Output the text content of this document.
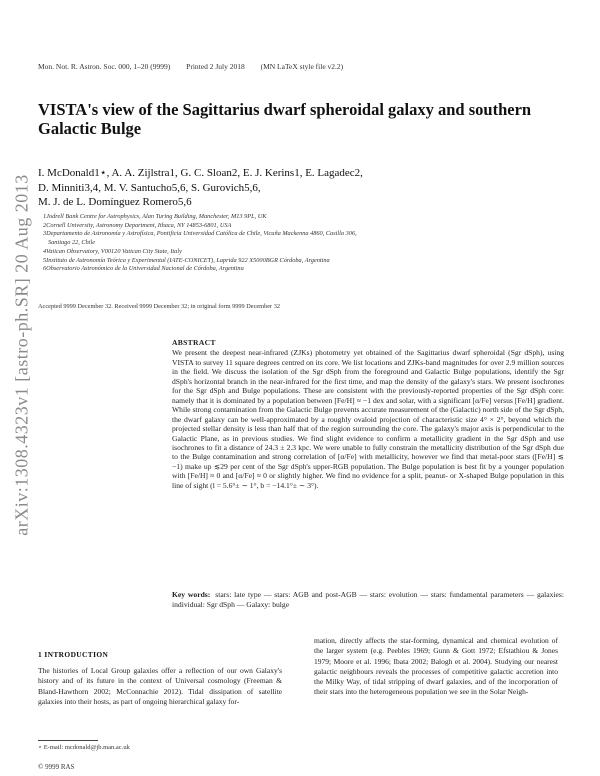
arXiv:1308.4323v1 [astro-ph.SR] 20 Aug 2013
Mon. Not. R. Astron. Soc. 000, 1–20 (9999) Printed 2 July 2018 (MN LaTeX style file v2.2)
VISTA's view of the Sagittarius dwarf spheroidal galaxy and southern Galactic Bulge
I. McDonald1⋆, A. A. Zijlstra1, G. C. Sloan2, E. J. Kerins1, E. Lagadec2,
D. Minniti3,4, M. V. Santucho5,6, S. Gurovich5,6,
M. J. de L. Domínguez Romero5,6
1Jodrell Bank Centre for Astrophysics, Alan Turing Building, Manchester, M13 9PL, UK
2Cornell University, Astronomy Department, Ithaca, NY 14853-6801, USA
3Departamento de Astronomía y Astrofísica, Pontificia Universidad Católica de Chile, Vicuña Mackenna 4860, Casilla 306,
Santiago 22, Chile
4Vatican Observatory, V00120 Vatican City State, Italy
5Instituto de Astronomía Teórica y Experimental (IATE-CONICET), Laprida 922 X5000BGR Córdoba, Argentina
6Observatorio Astronómico de la Universidad Nacional de Córdoba, Argentina
Accepted 9999 December 32. Received 9999 December 32; in original form 9999 December 32
ABSTRACT
We present the deepest near-infrared (ZJKs) photometry yet obtained of the Sagittarius dwarf spheroidal (Sgr dSph), using VISTA to survey 11 square degrees centred on its core. We list locations and ZJKs-band magnitudes for over 2.9 million sources in the field. We discuss the isolation of the Sgr dSph from the foreground and Galactic Bulge populations, identify the Sgr dSph's horizontal branch in the near-infrared for the first time, and map the density of the galaxy's stars. We present isochrones for the Sgr dSph and Bulge populations. These are consistent with the previously-reported properties of the Sgr dSph core: namely that it is dominated by a population between [Fe/H] ≈ −1 dex and solar, with a significant [α/Fe] versus [Fe/H] gradient. While strong contamination from the Galactic Bulge prevents accurate measurement of the (Galactic) north side of the Sgr dSph, the dwarf galaxy can be well-approximated by a roughly ovaloid projection of characteristic size 4° × 2°, beyond which the projected stellar density is less than half that of the region surrounding the core. The galaxy's major axis is perpendicular to the Galactic Plane, as in previous studies. We find slight evidence to confirm a metallicity gradient in the Sgr dSph and use isochrones to fit a distance of 24.3 ± 2.3 kpc. We were unable to fully constrain the metallicity distribution of the Sgr dSph due to the Bulge contamination and strong correlation of [α/Fe] with metallicity, however we find that metal-poor stars ([Fe/H] ≲ −1) make up ≲29 per cent of the Sgr dSph's upper-RGB population. The Bulge population is best fit by a younger population with [Fe/H] ≈ 0 and [α/Fe] ≈ 0 or slightly higher. We find no evidence for a split, peanut- or X-shaped Bulge population in this line of sight (l = 5.6°± ∼ 1°, b = −14.1°± ∼ 3°).
Key words: stars: late type — stars: AGB and post-AGB — stars: evolution — stars: fundamental parameters — galaxies: individual: Sgr dSph — Galaxy: bulge
1 INTRODUCTION
The histories of Local Group galaxies offer a reflection of our own Galaxy's history and of its future in the context of Universal cosmology (Freeman & Bland-Hawthorn 2002; McConnachie 2012). Tidal dissipation of satellite galaxies into their hosts, as part of ongoing hierarchical galaxy for-
mation, directly affects the star-forming, dynamical and chemical evolution of the larger system (e.g. Peebles 1969; Gunn & Gott 1972; Efstathiou & Jones 1979; Moore et al. 1996; Ibata 2002; Balogh et al. 2004). Studying our nearest galactic neighbours reveals the processes of competitive galactic accretion into the Milky Way, of tidal stripping of dwarf galaxies, and of the incorporation of their stars into the heterogeneous population we see in the Solar Neigh-
⋆ E-mail: mcdonald@jb.man.ac.uk
© 9999 RAS
